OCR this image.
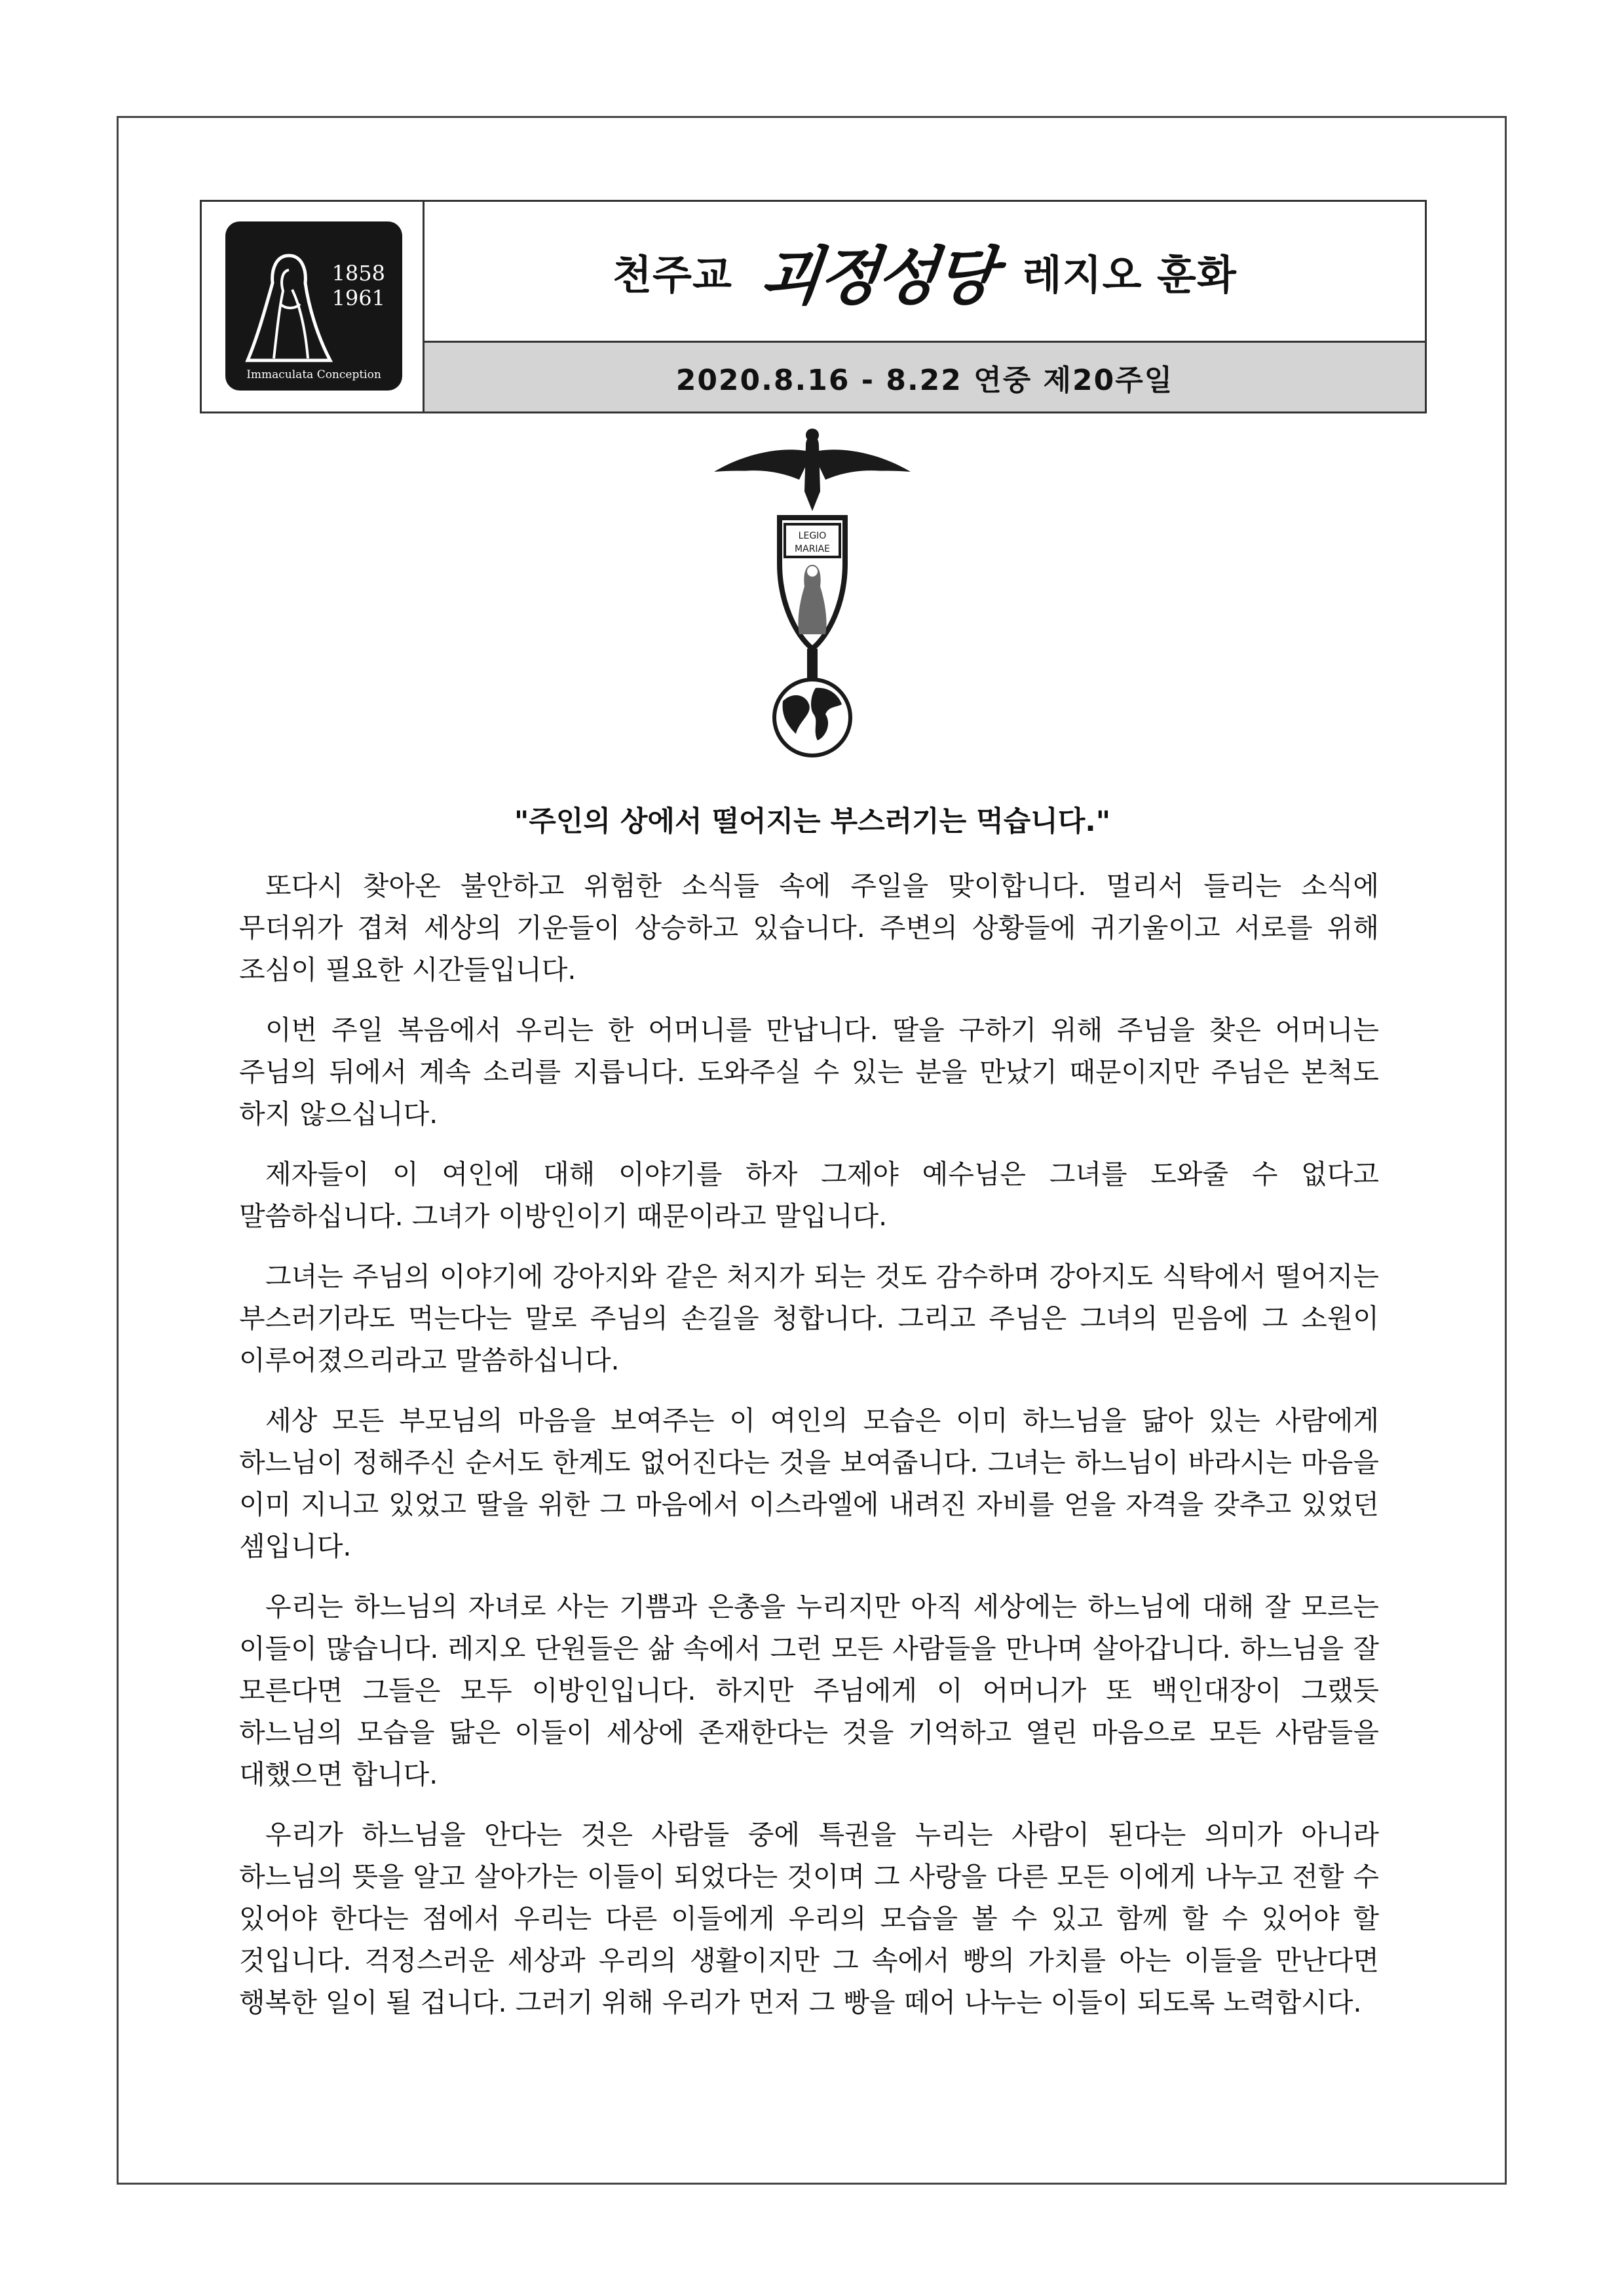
1858
1961
Immaculata Conception
천주교 괴정성당 레지오 훈화
2020.8.16 - 8.22 연중 제20주일
LEGIO
MARIAE
"주인의 상에서 떨어지는 부스러기는 먹습니다."

또다시 찾아온 불안하고 위험한 소식들 속에 주일을 맞이합니다. 멀리서 들리는 소식에 무더위가 겹쳐 세상의 기운들이 상승하고 있습니다. 주변의 상황들에 귀기울이고 서로를 위해 조심이 필요한 시간들입니다.

이번 주일 복음에서 우리는 한 어머니를 만납니다. 딸을 구하기 위해 주님을 찾은 어머니는 주님의 뒤에서 계속 소리를 지릅니다. 도와주실 수 있는 분을 만났기 때문이지만 주님은 본척도 하지 않으십니다.

제자들이 이 여인에 대해 이야기를 하자 그제야 예수님은 그녀를 도와줄 수 없다고 말씀하십니다. 그녀가 이방인이기 때문이라고 말입니다.

그녀는 주님의 이야기에 강아지와 같은 처지가 되는 것도 감수하며 강아지도 식탁에서 떨어지는 부스러기라도 먹는다는 말로 주님의 손길을 청합니다. 그리고 주님은 그녀의 믿음에 그 소원이 이루어졌으리라고 말씀하십니다.

세상 모든 부모님의 마음을 보여주는 이 여인의 모습은 이미 하느님을 닮아 있는 사람에게 하느님이 정해주신 순서도 한계도 없어진다는 것을 보여줍니다. 그녀는 하느님이 바라시는 마음을 이미 지니고 있었고 딸을 위한 그 마음에서 이스라엘에 내려진 자비를 얻을 자격을 갖추고 있었던 셈입니다.

우리는 하느님의 자녀로 사는 기쁨과 은총을 누리지만 아직 세상에는 하느님에 대해 잘 모르는 이들이 많습니다. 레지오 단원들은 삶 속에서 그런 모든 사람들을 만나며 살아갑니다. 하느님을 잘 모른다면 그들은 모두 이방인입니다. 하지만 주님에게 이 어머니가 또 백인대장이 그랬듯 하느님의 모습을 닮은 이들이 세상에 존재한다는 것을 기억하고 열린 마음으로 모든 사람들을 대했으면 합니다.

우리가 하느님을 안다는 것은 사람들 중에 특권을 누리는 사람이 된다는 의미가 아니라 하느님의 뜻을 알고 살아가는 이들이 되었다는 것이며 그 사랑을 다른 모든 이에게 나누고 전할 수 있어야 한다는 점에서 우리는 다른 이들에게 우리의 모습을 볼 수 있고 함께 할 수 있어야 할 것입니다. 걱정스러운 세상과 우리의 생활이지만 그 속에서 빵의 가치를 아는 이들을 만난다면 행복한 일이 될 겁니다. 그러기 위해 우리가 먼저 그 빵을 떼어 나누는 이들이 되도록 노력합시다.
